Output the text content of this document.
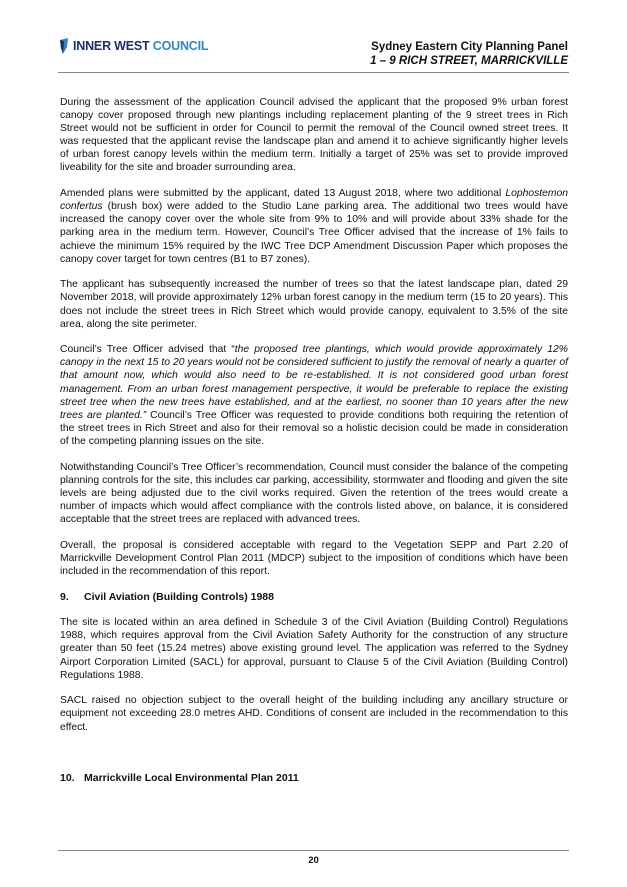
INNER WEST COUNCIL	Sydney Eastern City Planning Panel
1 – 9 RICH STREET, MARRICKVILLE

During the assessment of the application Council advised the applicant that the proposed 9% urban forest canopy cover proposed through new plantings including replacement planting of the 9 street trees in Rich Street would not be sufficient in order for Council to permit the removal of the Council owned street trees. It was requested that the applicant revise the landscape plan and amend it to achieve significantly higher levels of urban forest canopy levels within the medium term. Initially a target of 25% was set to provide improved liveability for the site and broader surrounding area.

Amended plans were submitted by the applicant, dated 13 August 2018, where two additional Lophostemon confertus (brush box) were added to the Studio Lane parking area. The additional two trees would have increased the canopy cover over the whole site from 9% to 10% and will provide about 33% shade for the parking area in the medium term. However, Council’s Tree Officer advised that the increase of 1% fails to achieve the minimum 15% required by the IWC Tree DCP Amendment Discussion Paper which proposes the canopy cover target for town centres (B1 to B7 zones).

The applicant has subsequently increased the number of trees so that the latest landscape plan, dated 29 November 2018, will provide approximately 12% urban forest canopy in the medium term (15 to 20 years). This does not include the street trees in Rich Street which would provide canopy, equivalent to 3.5% of the site area, along the site perimeter.

Council’s Tree Officer advised that “the proposed tree plantings, which would provide approximately 12% canopy in the next 15 to 20 years would not be considered sufficient to justify the removal of nearly a quarter of that amount now, which would also need to be re-established. It is not considered good urban forest management. From an urban forest management perspective, it would be preferable to replace the existing street tree when the new trees have established, and at the earliest, no sooner than 10 years after the new trees are planted.” Council’s Tree Officer was requested to provide conditions both requiring the retention of the street trees in Rich Street and also for their removal so a holistic decision could be made in consideration of the competing planning issues on the site.

Notwithstanding Council’s Tree Officer’s recommendation, Council must consider the balance of the competing planning controls for the site, this includes car parking, accessibility, stormwater and flooding and given the site levels are being adjusted due to the civil works required. Given the retention of the trees would create a number of impacts which would affect compliance with the controls listed above, on balance, it is considered acceptable that the street trees are replaced with advanced trees.

Overall, the proposal is considered acceptable with regard to the Vegetation SEPP and Part 2.20 of Marrickville Development Control Plan 2011 (MDCP) subject to the imposition of conditions which have been included in the recommendation of this report.

9. Civil Aviation (Building Controls) 1988

The site is located within an area defined in Schedule 3 of the Civil Aviation (Building Control) Regulations 1988, which requires approval from the Civil Aviation Safety Authority for the construction of any structure greater than 50 feet (15.24 metres) above existing ground level. The application was referred to the Sydney Airport Corporation Limited (SACL) for approval, pursuant to Clause 5 of the Civil Aviation (Building Control) Regulations 1988.

SACL raised no objection subject to the overall height of the building including any ancillary structure or equipment not exceeding 28.0 metres AHD. Conditions of consent are included in the recommendation to this effect.

10. Marrickville Local Environmental Plan 2011
20
